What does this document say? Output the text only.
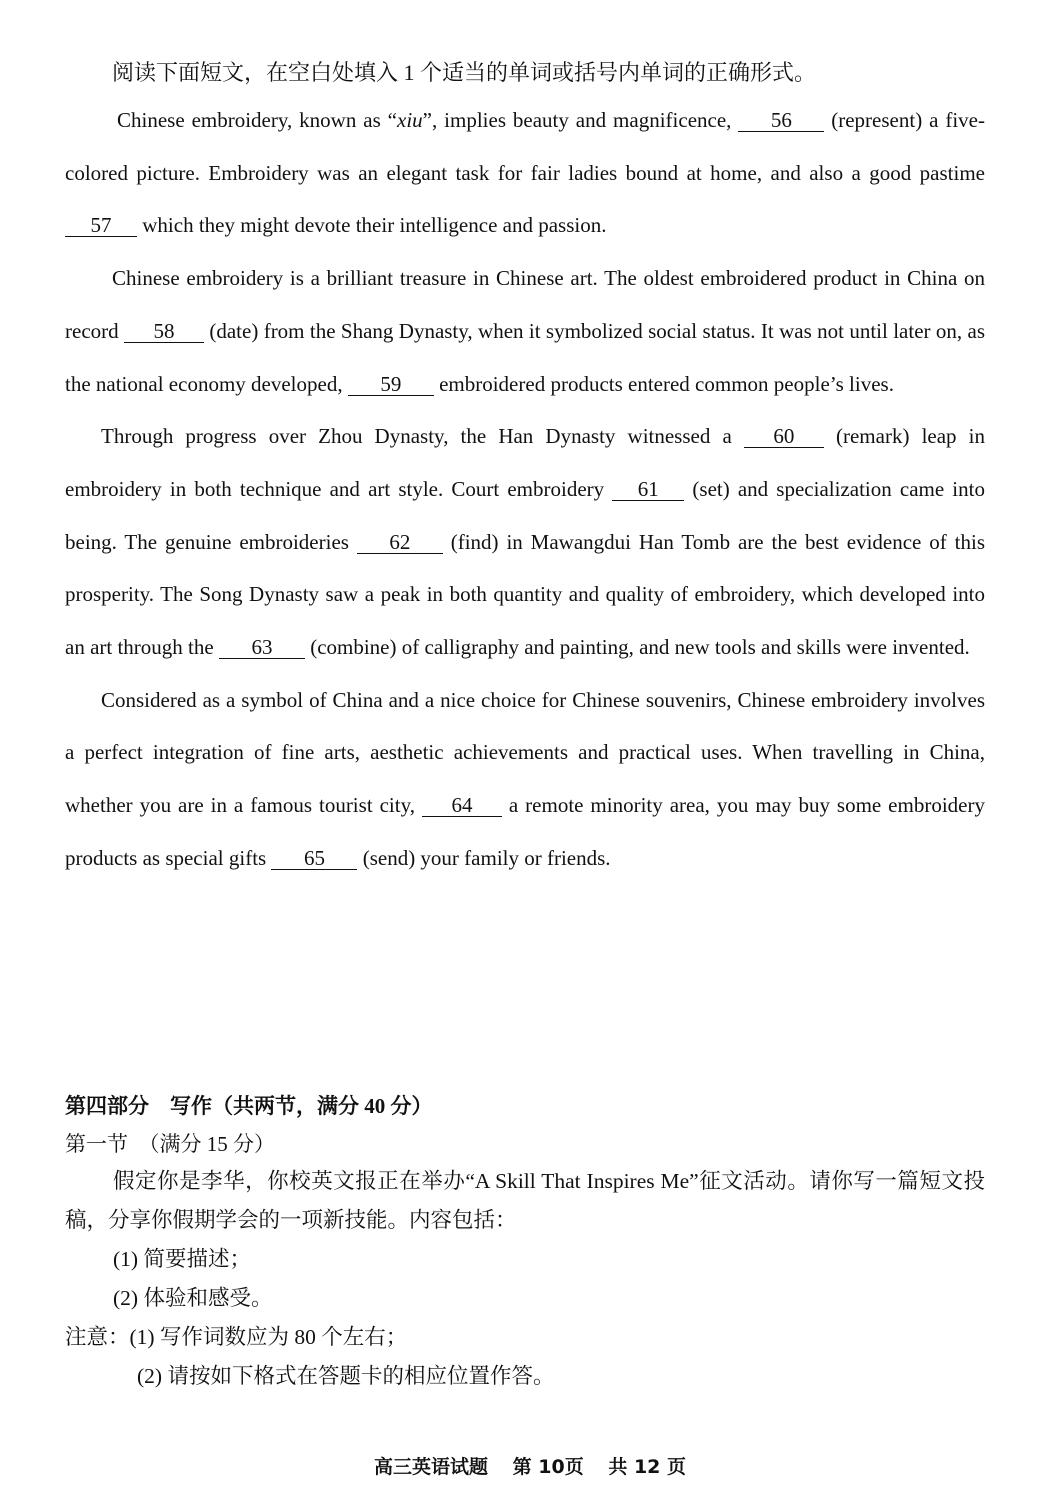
阅读下面短文，在空白处填入 1 个适当的单词或括号内单词的正确形式。

Chinese embroidery, known as “xiu”, implies beauty and magnificence, 56 (represent) a five-colored picture. Embroidery was an elegant task for fair ladies bound at home, and also a good pastime 57 which they might devote their intelligence and passion.

Chinese embroidery is a brilliant treasure in Chinese art. The oldest embroidered product in China on record 58 (date) from the Shang Dynasty, when it symbolized social status. It was not until later on, as the national economy developed, 59 embroidered products entered common people’s lives.

Through progress over Zhou Dynasty, the Han Dynasty witnessed a 60 (remark) leap in embroidery in both technique and art style. Court embroidery 61 (set) and specialization came into being. The genuine embroideries 62 (find) in Mawangdui Han Tomb are the best evidence of this prosperity. The Song Dynasty saw a peak in both quantity and quality of embroidery, which developed into an art through the 63 (combine) of calligraphy and painting, and new tools and skills were invented.

Considered as a symbol of China and a nice choice for Chinese souvenirs, Chinese embroidery involves a perfect integration of fine arts, aesthetic achievements and practical uses. When travelling in China, whether you are in a famous tourist city, 64 a remote minority area, you may buy some embroidery products as special gifts 65 (send) your family or friends.

第四部分　写作（共两节，满分 40 分）
第一节　（满分 15 分）

假定你是李华，你校英文报正在举办“A Skill That Inspires Me”征文活动。请你写一篇短文投稿，分享你假期学会的一项新技能。内容包括：

(1) 简要描述；

(2) 体验和感受。

注意：(1) 写作词数应为 80 个左右；

(2) 请按如下格式在答题卡的相应位置作答。

高三英语试题 第 10页 共 12 页
